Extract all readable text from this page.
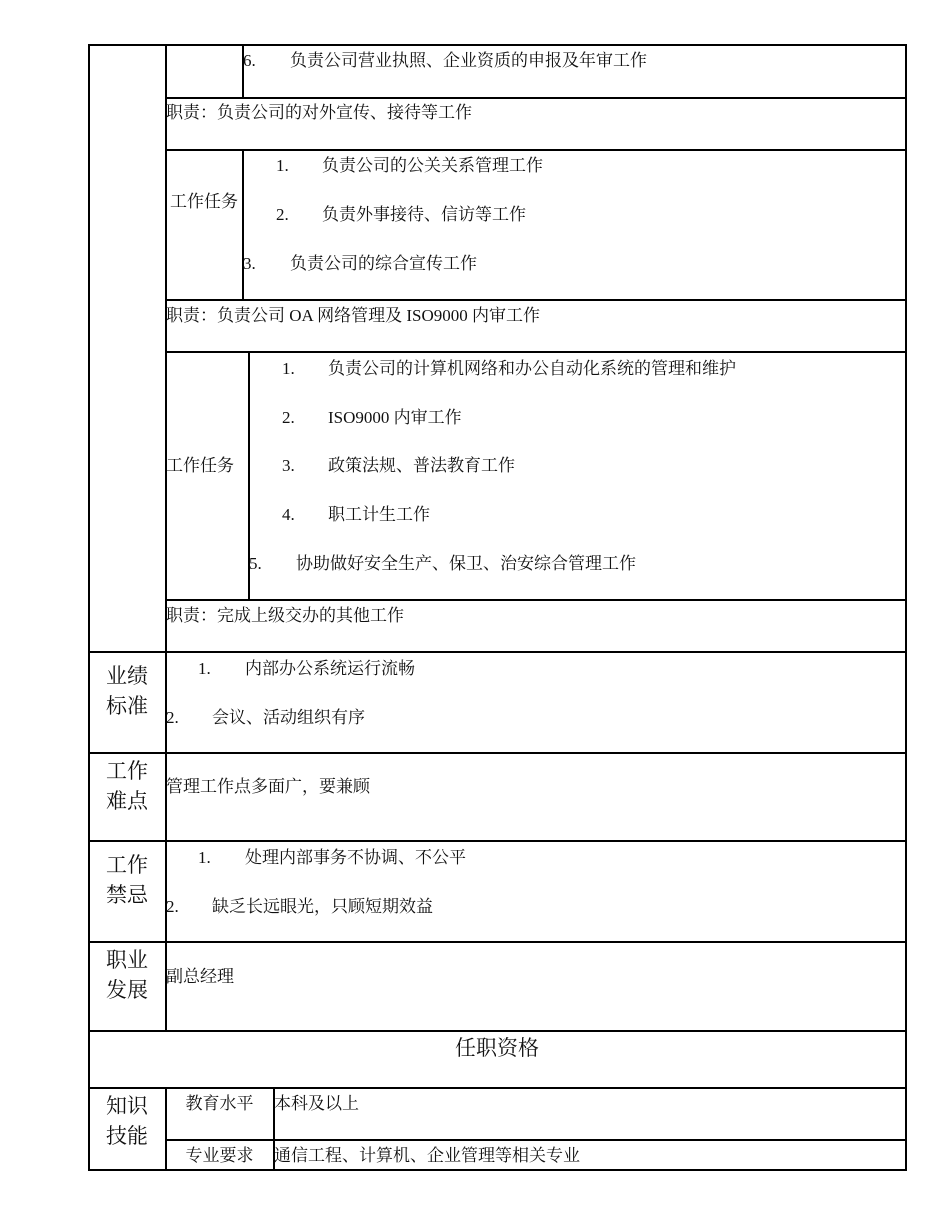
6. 负责公司营业执照、企业资质的申报及年审工作
职责：负责公司的对外宣传、接待等工作
工作任务
1. 负责公司的公关关系管理工作
2. 负责外事接待、信访等工作
3. 负责公司的综合宣传工作
职责：负责公司 OA 网络管理及 ISO9000 内审工作
工作任务
1. 负责公司的计算机网络和办公自动化系统的管理和维护
2. ISO9000 内审工作
3. 政策法规、普法教育工作
4. 职工计生工作
5. 协助做好安全生产、保卫、治安综合管理工作
职责：完成上级交办的其他工作
业绩
标准
1. 内部办公系统运行流畅
2. 会议、活动组织有序
工作
难点
管理工作点多面广，要兼顾
工作
禁忌
1. 处理内部事务不协调、不公平
2. 缺乏长远眼光，只顾短期效益
职业
发展
副总经理
任职资格
知识
技能
教育水平	本科及以上
专业要求	通信工程、计算机、企业管理等相关专业
